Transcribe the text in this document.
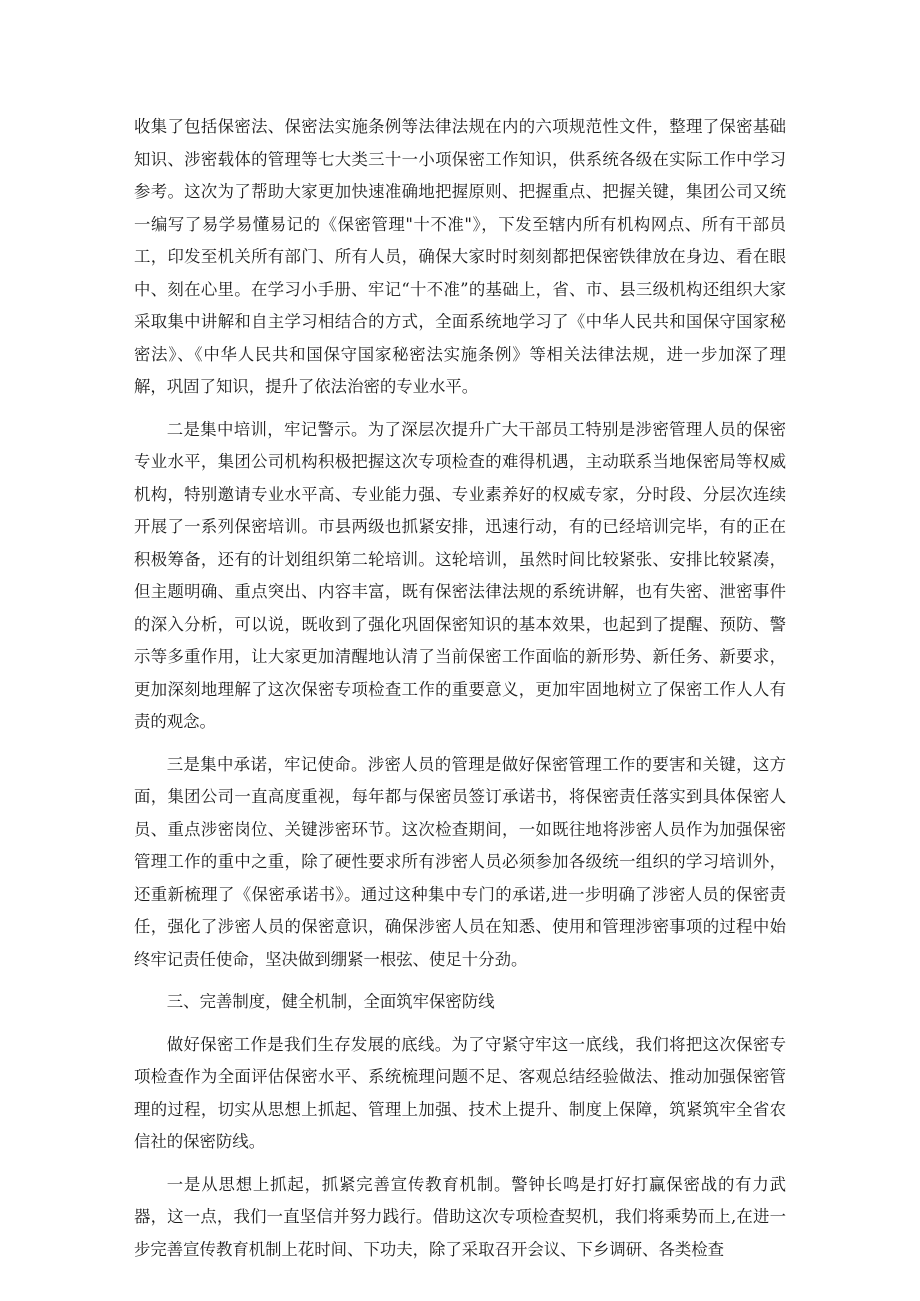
收集了包括保密法、保密法实施条例等法律法规在内的六项规范性文件，整理了保密基础知识、涉密载体的管理等七大类三十一小项保密工作知识，供系统各级在实际工作中学习参考。这次为了帮助大家更加快速准确地把握原则、把握重点、把握关键，集团公司又统一编写了易学易懂易记的《保密管理"十不准"》，下发至辖内所有机构网点、所有干部员工，印发至机关所有部门、所有人员，确保大家时时刻刻都把保密铁律放在身边、看在眼中、刻在心里。在学习小手册、牢记“十不准”的基础上，省、市、县三级机构还组织大家采取集中讲解和自主学习相结合的方式，全面系统地学习了《中华人民共和国保守国家秘密法》、《中华人民共和国保守国家秘密法实施条例》等相关法律法规，进一步加深了理解，巩固了知识，提升了依法治密的专业水平。

二是集中培训，牢记警示。为了深层次提升广大干部员工特别是涉密管理人员的保密专业水平，集团公司机构积极把握这次专项检查的难得机遇，主动联系当地保密局等权威机构，特别邀请专业水平高、专业能力强、专业素养好的权威专家，分时段、分层次连续开展了一系列保密培训。市县两级也抓紧安排，迅速行动，有的已经培训完毕，有的正在积极筹备，还有的计划组织第二轮培训。这轮培训，虽然时间比较紧张、安排比较紧凑，但主题明确、重点突出、内容丰富，既有保密法律法规的系统讲解，也有失密、泄密事件的深入分析，可以说，既收到了强化巩固保密知识的基本效果，也起到了提醒、预防、警示等多重作用，让大家更加清醒地认清了当前保密工作面临的新形势、新任务、新要求，更加深刻地理解了这次保密专项检查工作的重要意义，更加牢固地树立了保密工作人人有责的观念。

三是集中承诺，牢记使命。涉密人员的管理是做好保密管理工作的要害和关键，这方面，集团公司一直高度重视，每年都与保密员签订承诺书，将保密责任落实到具体保密人员、重点涉密岗位、关键涉密环节。这次检查期间，一如既往地将涉密人员作为加强保密管理工作的重中之重，除了硬性要求所有涉密人员必须参加各级统一组织的学习培训外，还重新梳理了《保密承诺书》。通过这种集中专门的承诺,进一步明确了涉密人员的保密责任，强化了涉密人员的保密意识，确保涉密人员在知悉、使用和管理涉密事项的过程中始终牢记责任使命，坚决做到绷紧一根弦、使足十分劲。

三、完善制度，健全机制，全面筑牢保密防线

做好保密工作是我们生存发展的底线。为了守紧守牢这一底线，我们将把这次保密专项检查作为全面评估保密水平、系统梳理问题不足、客观总结经验做法、推动加强保密管理的过程，切实从思想上抓起、管理上加强、技术上提升、制度上保障，筑紧筑牢全省农信社的保密防线。

一是从思想上抓起，抓紧完善宣传教育机制。警钟长鸣是打好打赢保密战的有力武器，这一点，我们一直坚信并努力践行。借助这次专项检查契机，我们将乘势而上,在进一步完善宣传教育机制上花时间、下功夫，除了采取召开会议、下乡调研、各类检查
